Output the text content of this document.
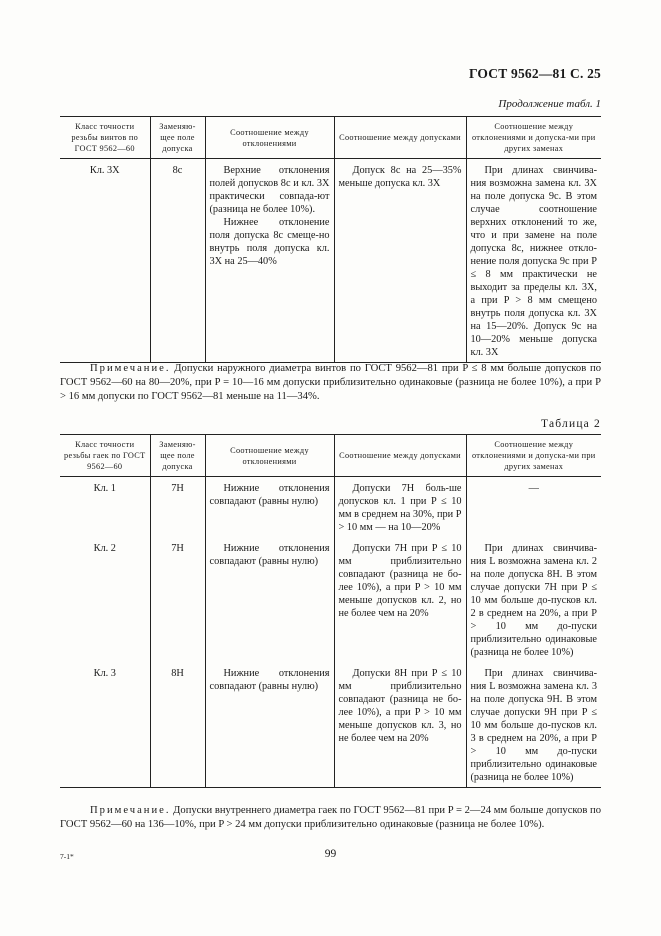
ГОСТ 9562—81 С. 25
Продолжение табл. 1
Класс точности резьбы винтов по ГОСТ 9562—60	Заменяю-щее поле допуска	Соотношение между отклонениями	Соотношение между допусками	Соотношение между отклонениями и допуска-ми при других заменах
Кл. 3Х	8с	Верхние отклонения полей допусков 8с и кл. 3Х практически совпада-ют (разница не более 10%).
Нижнее отклонение поля допуска 8с смеще-но внутрь поля допуска кл. 3Х на 25—40%	Допуск 8с на 25—35% меньше допуска кл. 3Х	При длинах свинчива-ния возможна замена кл. 3Х на поле допуска 9с. В этом случае соотношение верхних отклонений то же, что и при замене на поле допуска 8с, нижнее откло-нение поля допуска 9с при P ≤ 8 мм практически не выходит за пределы кл. 3Х, а при P > 8 мм смещено внутрь поля допуска кл. 3Х на 15—20%. Допуск 9с на 10—20% меньше допуска кл. 3Х

Примечание. Допуски наружного диаметра винтов по ГОСТ 9562—81 при P ≤ 8 мм больше допусков по ГОСТ 9562—60 на 80—20%, при P = 10—16 мм допуски приблизительно одинаковые (разница не более 10%), а при P > 16 мм допуски по ГОСТ 9562—81 меньше на 11—34%.

Таблица 2
Класс точности резьбы гаек по ГОСТ 9562—60	Заменяю-щее поле допуска	Соотношение между отклонениями	Соотношение между допусками	Соотношение между отклонениями и допуска-ми при других заменах
Кл. 1	7Н	Нижние отклонения совпадают (равны нулю)	Допуски 7Н боль-ше допусков кл. 1 при P ≤ 10 мм в среднем на 30%, при P > 10 мм — на 10—20%	—
Кл. 2	7Н	Нижние отклонения совпадают (равны нулю)	Допуски 7Н при P ≤ 10 мм приблизительно совпадают (разница не бо-лее 10%), а при P > 10 мм меньше допусков кл. 2, но не более чем на 20%	При длинах свинчива-ния L возможна замена кл. 2 на поле допуска 8Н. В этом случае допуски 7Н при P ≤ 10 мм больше до-пусков кл. 2 в среднем на 20%, а при P > 10 мм до-пуски приблизительно одинаковые (разница не более 10%)

Кл. 3	8Н	Нижние отклонения совпадают (равны нулю)	Допуски 8Н при P ≤ 10 мм приблизительно совпадают (разница не бо-лее 10%), а при P > 10 мм меньше допусков кл. 3, но не более чем на 20%	При длинах свинчива-ния L возможна замена кл. 3 на поле допуска 9Н. В этом случае допуски 9Н при P ≤ 10 мм больше до-пусков кл. 3 в среднем на 20%, а при P > 10 мм до-пуски приблизительно одинаковые (разница не более 10%)

Примечание. Допуски внутреннего диаметра гаек по ГОСТ 9562—81 при P = 2—24 мм больше допусков по ГОСТ 9562—60 на 136—10%, при P > 24 мм допуски приблизительно одинаковые (разница не более 10%).

7-1*	99
